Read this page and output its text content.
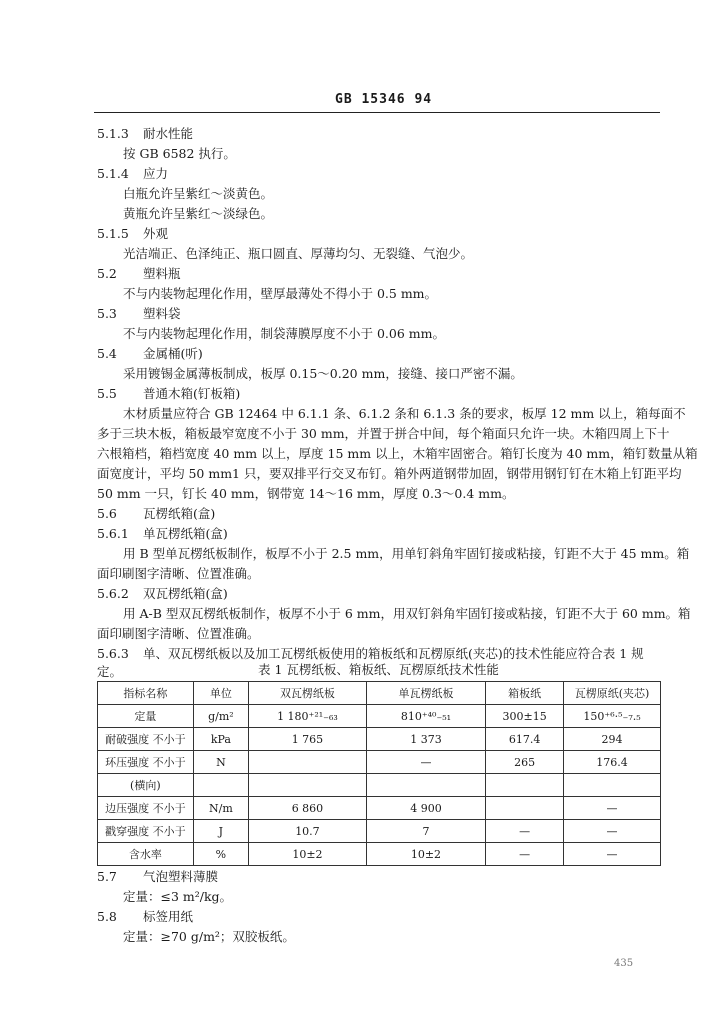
GB 15346 94
5.1.3 耐水性能
按 GB 6582 执行。
5.1.4 应力
白瓶允许呈紫红～淡黄色。
黄瓶允许呈紫红～淡绿色。
5.1.5 外观
光洁端正、色泽纯正、瓶口圆直、厚薄均匀、无裂缝、气泡少。
5.2 塑料瓶
不与内装物起理化作用，壁厚最薄处不得小于 0.5 mm。
5.3 塑料袋
不与内装物起理化作用，制袋薄膜厚度不小于 0.06 mm。
5.4 金属桶(听)
采用镀锡金属薄板制成，板厚 0.15～0.20 mm，接缝、接口严密不漏。
5.5 普通木箱(钉板箱)
木材质量应符合 GB 12464 中 6.1.1 条、6.1.2 条和 6.1.3 条的要求，板厚 12 mm 以上，箱每面不
多于三块木板，箱板最窄宽度不小于 30 mm，并置于拼合中间，每个箱面只允许一块。木箱四周上下十
六根箱档，箱档宽度 40 mm 以上，厚度 15 mm 以上，木箱牢固密合。箱钉长度为 40 mm，箱钉数量从箱
面宽度计，平均 50 mm1 只，要双排平行交叉布钉。箱外两道钢带加固，钢带用钢钉钉在木箱上钉距平均
50 mm 一只，钉长 40 mm，钢带宽 14～16 mm，厚度 0.3～0.4 mm。
5.6 瓦楞纸箱(盒)
5.6.1 单瓦楞纸箱(盒)
用 B 型单瓦楞纸板制作，板厚不小于 2.5 mm，用单钉斜角牢固钉接或粘接，钉距不大于 45 mm。箱
面印刷图字清晰、位置准确。
5.6.2 双瓦楞纸箱(盒)
用 A-B 型双瓦楞纸板制作，板厚不小于 6 mm，用双钉斜角牢固钉接或粘接，钉距不大于 60 mm。箱
面印刷图字清晰、位置准确。
5.6.3 单、双瓦楞纸板以及加工瓦楞纸板使用的箱板纸和瓦楞原纸(夹芯)的技术性能应符合表 1 规
定。	表 1 瓦楞纸板、箱板纸、瓦楞原纸技术性能
指标名称	单位	双瓦楞纸板	单瓦楞纸板	箱板纸	瓦楞原纸(夹芯)
定量	g/m²	1 180⁺²¹₋₆₃	810⁺⁴⁰₋₅₁	300±15	150⁺⁶·⁵₋₇.₅
耐破强度 不小于	kPa	1 765	1 373	617.4	294
环压强度 不小于	N		—	265	176.4
(横向)					
边压强度 不小于	N/m	6 860	4 900		—
戳穿强度 不小于	J	10.7	7	—	—
含水率	%	10±2	10±2	—	—
5.7 气泡塑料薄膜
定量：≤3 m²/kg。
5.8 标签用纸
定量：≥70 g/m²；双胶板纸。
435
